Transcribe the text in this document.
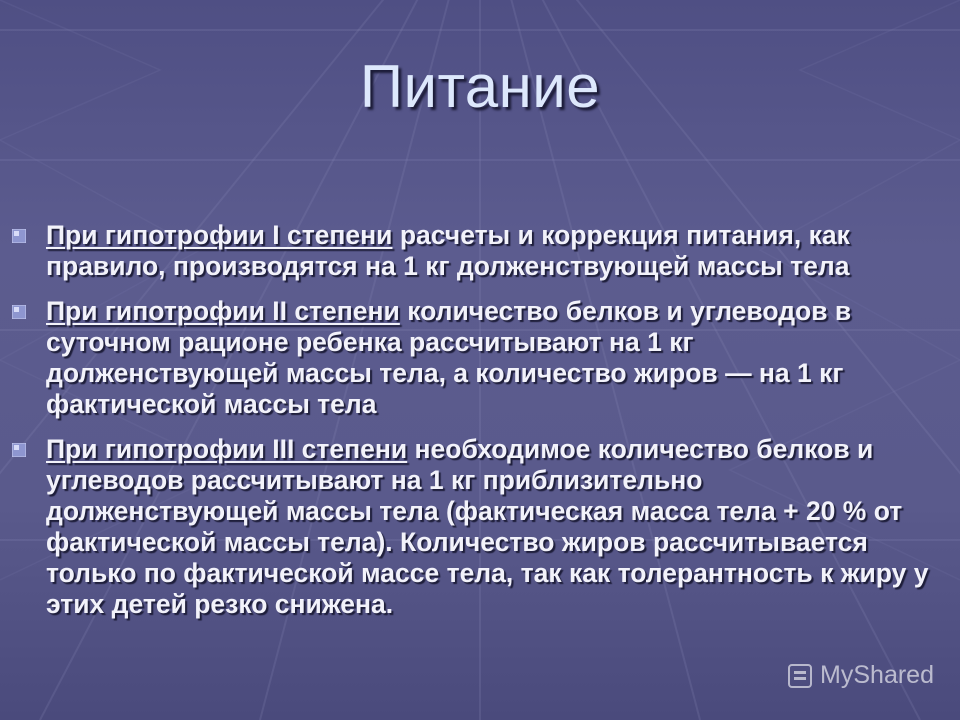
Питание
При гипотрофии I степени расчеты и коррекция питания, как правило, производятся на 1 кг долженствующей массы тела
При гипотрофии II степени количество белков и углеводов в суточном рационе ребенка рассчитывают на 1 кг долженствующей массы тела, а количество жиров — на 1 кг фактической массы тела
При гипотрофии III степени необходимое количество белков и углеводов рассчитывают на 1 кг приблизительно долженствующей массы тела (фактическая масса тела + 20 % от фактической массы тела). Количество жиров рассчитывается только по фактической массе тела, так как толерантность к жиру у этих детей резко снижена.
MyShared
